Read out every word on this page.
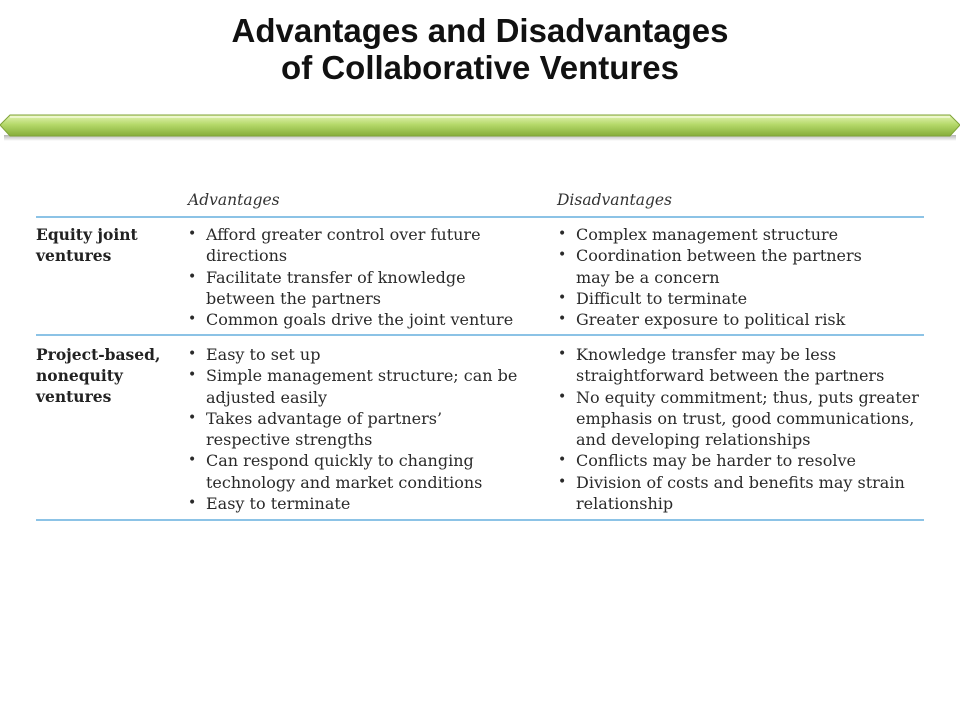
Advantages and Disadvantages
of Collaborative Ventures
Advantages	Disadvantages
Equity joint
ventures
• Afford greater control over future
directions
• Facilitate transfer of knowledge
between the partners
• Common goals drive the joint venture
• Complex management structure
• Coordination between the partners
may be a concern
• Difficult to terminate
• Greater exposure to political risk
Project-based,
nonequity
ventures
• Easy to set up
• Simple management structure; can be
adjusted easily
• Takes advantage of partners’
respective strengths
• Can respond quickly to changing
technology and market conditions
• Easy to terminate
• Knowledge transfer may be less
straightforward between the partners
• No equity commitment; thus, puts greater
emphasis on trust, good communications,
and developing relationships
• Conflicts may be harder to resolve
• Division of costs and benefits may strain
relationship
